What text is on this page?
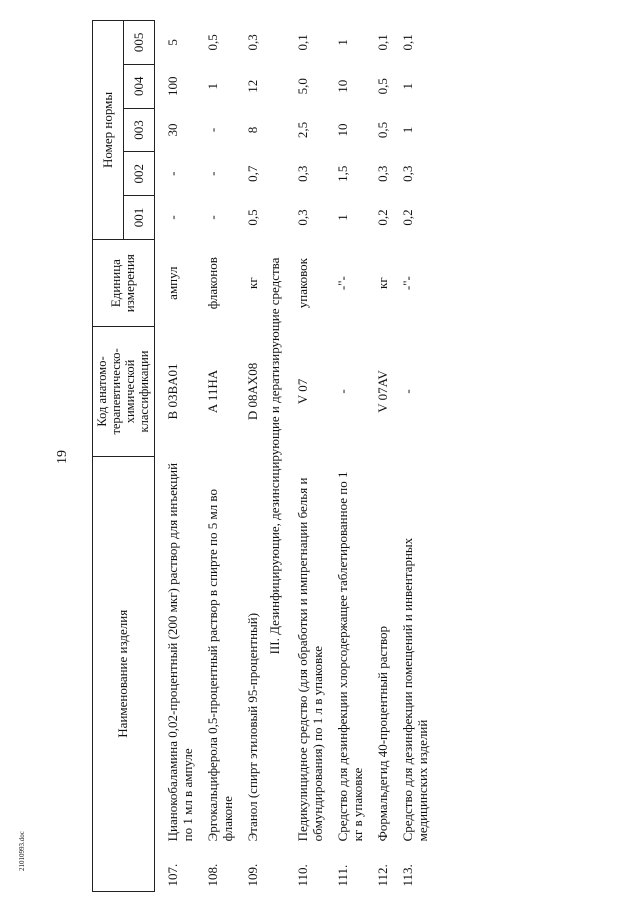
19
21010993.doc
Наименование изделия		Код анатомо-терапевтическо-химической классификации	Единица измерения	Номер нормы				
				001	002	003	004	005
107.	Цианокобаламина 0,02-процентный (200 мкг) раствор для инъекций по 1 мл в ампуле	B 03BA01	ампул	-	-	30	100	5
108.	Эргокальциферола 0,5-процентный раствор в спирте по 5 мл во флаконе	A 11HA	флаконов	-	-	-	1	0,5
109.	Этанол (спирт этиловый 95-процентный)	D 08AX08	кг	0,5	0,7	8	12	0,3
III. Дезинфицирующие, дезинсицирующие и дератизирующие средства								
110.	Педикулицидное средство (для обработки и импрегнации белья и обмундирования) по 1 л в упаковке	V 07	упаковок	0,3	0,3	2,5	5,0	0,1
111.	Средство для дезинфекции хлорсодержащее таблетированное по 1 кг в упаковке	-	-"-	1	1,5	10	10	1
112.	Формальдегид 40-процентный раствор	V 07AV	кг	0,2	0,3	0,5	0,5	0,1
113.	Средство для дезинфекции помещений и инвентарных медицинских изделий	-	-"-	0,2	0,3	1	1	0,1
